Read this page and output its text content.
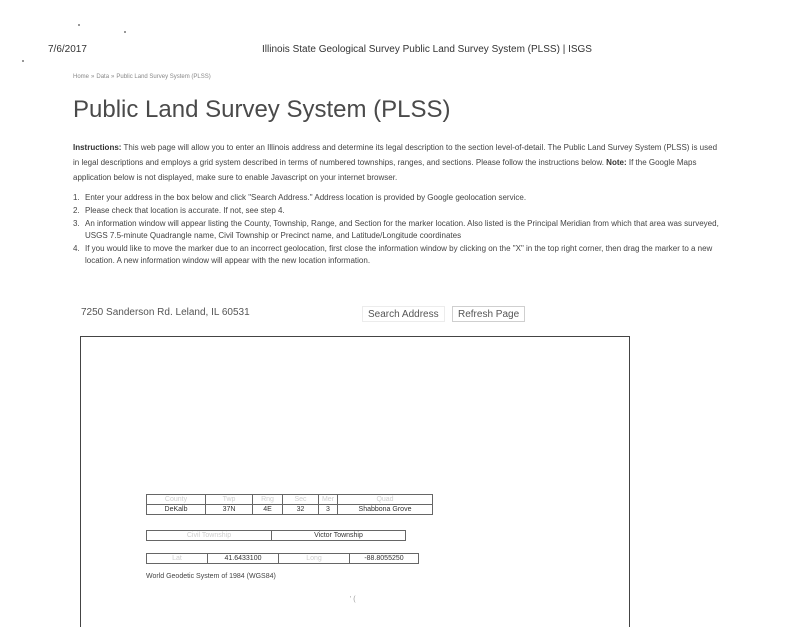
7/6/2017	Illinois State Geological Survey Public Land Survey System (PLSS) | ISGS
Home » Data » Public Land Survey System (PLSS)
Public Land Survey System (PLSS)
Instructions: This web page will allow you to enter an Illinois address and determine its legal description to the section level-of-detail. The Public Land Survey System (PLSS) is used in legal descriptions and employs a grid system described in terms of numbered townships, ranges, and sections. Please follow the instructions below. Note: If the Google Maps application below is not displayed, make sure to enable Javascript on your internet browser.
1. Enter your address in the box below and click "Search Address." Address location is provided by Google geolocation service.
2. Please check that location is accurate. If not, see step 4.
3. An information window will appear listing the County, Township, Range, and Section for the marker location. Also listed is the Principal Meridian from which that area was surveyed, USGS 7.5-minute Quadrangle name, Civil Township or Precinct name, and Latitude/Longitude coordinates
4. If you would like to move the marker due to an incorrect geolocation, first close the information window by clicking on the "X" in the top right corner, then drag the marker to a new location. A new information window will appear with the new location information.
7250 Sanderson Rd. Leland, IL 60531	Search Address	Refresh Page
County	Twp	Rng	Sec	Mer	Quad
DeKalb	37N	4E	32	3	Shabbona Grove
Civil Township	Victor Township
Lat	41.6433100	Long	-88.8055250
World Geodetic System of 1984 (WGS84)
' (
